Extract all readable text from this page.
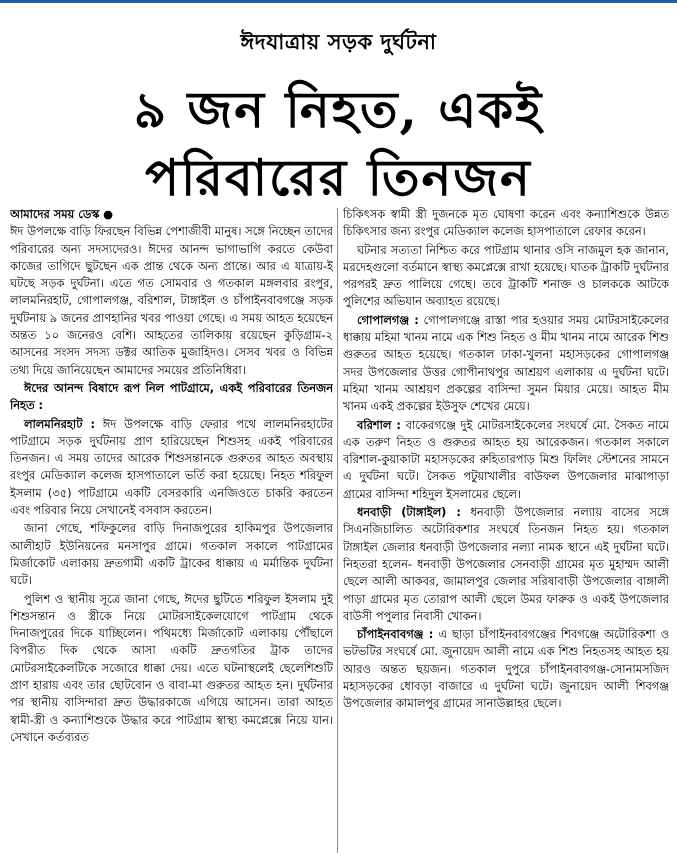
ঈদযাত্রায় সড়ক দুর্ঘটনা
৯ জন নিহত, একই
পরিবারের তিনজন

আমাদের সময় ডেস্ক ●
ঈদ উপলক্ষে বাড়ি ফিরছেন বিভিন্ন পেশাজীবী মানুষ। সঙ্গে নিচ্ছেন তাদের পরিবারের অন্য সদস্যদেরও। ঈদের আনন্দ ভাগাভাগি করতে কেউবা কাজের তাগিদে ছুটছেন এক প্রান্ত থেকে অন্য প্রান্তে। আর এ যাত্রায়-ই ঘটছে সড়ক দুর্ঘটনা। এতে গত সোমবার ও গতকাল মঙ্গলবার রংপুর, লালমনিরহাট, গোপালগঞ্জ, বরিশাল, টাঙ্গাইল ও চাঁপাইনবাবগঞ্জে সড়ক দুর্ঘটনায় ৯ জনের প্রাণহানির খবর পাওয়া গেছে। এ সময় আহত হয়েছেন অন্তত ১০ জনেরও বেশি। আহতের তালিকায় রয়েছেন কুড়িগ্রাম-২ আসনের সংসদ সদস্য ডক্টর আতিক মুজাহিদও। সেসব খবর ও বিভিন্ন তথ্য দিয়ে জানিয়েছেন আমাদের সময়ের প্রতিনিধিরা।

ঈদের আনন্দ বিষাদে রূপ নিল পাটগ্রামে, একই পরিবারের তিনজন নিহত :

লালমনিরহাট : ঈদ উপলক্ষে বাড়ি ফেরার পথে লালমনিরহাটের পাটগ্রামে সড়ক দুর্ঘটনায় প্রাণ হারিয়েছেন শিশুসহ একই পরিবারের তিনজন। এ সময় তাদের আরেক শিশুসন্তানকে গুরুতর আহত অবস্থায় রংপুর মেডিক্যাল কলেজ হাসপাতালে ভর্তি করা হয়েছে। নিহত শরিফুল ইসলাম (৩৫) পাটগ্রামে একটি বেসরকারি এনজিওতে চাকরি করতেন এবং পরিবার নিয়ে সেখানেই বসবাস করতেন।

জানা গেছে, শফিকুলের বাড়ি দিনাজপুরের হাকিমপুর উপজেলার আলীহাট ইউনিয়নের মনসাপুর গ্রামে। গতকাল সকালে পাটগ্রামের মির্জাকোট এলাকায় দ্রুতগামী একটি ট্রাকের ধাক্কায় এ মর্মান্তিক দুর্ঘটনা ঘটে।

পুলিশ ও স্থানীয় সূত্রে জানা গেছে, ঈদের ছুটিতে শরিফুল ইসলাম দুই শিশুসন্তান ও স্ত্রীকে নিয়ে মোটরসাইকেলযোগে পাটগ্রাম থেকে দিনাজপুরের দিকে যাচ্ছিলেন। পথিমধ্যে মির্জাকোট এলাকায় পৌঁছালে বিপরীত দিক থেকে আসা একটি দ্রুতগতির ট্রাক তাদের মোটরসাইকেলটিকে সজোরে ধাক্কা দেয়। এতে ঘটনাস্থলেই ছেলেশিশুটি প্রাণ হারায় এবং তার ছোটবোন ও বাবা-মা গুরুতর আহত হন। দুর্ঘটনার পর স্থানীয় বাসিন্দারা দ্রুত উদ্ধারকাজে এগিয়ে আসেন। তারা আহত স্বামী-স্ত্রী ও কন্যাশিশুকে উদ্ধার করে পাটগ্রাম স্বাস্থ্য কমপ্লেক্সে নিয়ে যান। সেখানে কর্তব্যরত

চিকিৎসক স্বামী স্ত্রী দুজনকে মৃত ঘোষণা করেন এবং কন্যাশিশুকে উন্নত চিকিৎসার জন্য রংপুর মেডিক্যাল কলেজ হাসপাতালে রেফার করেন।

ঘটনার সত্যতা নিশ্চিত করে পাটগ্রাম থানার ওসি নাজমুল হক জানান, মরদেহগুলো বর্তমানে স্বাস্থ্য কমপ্লেক্সে রাখা হয়েছে। ঘাতক ট্রাকটি দুর্ঘটনার পরপরই দ্রুত পালিয়ে গেছে। তবে ট্রাকটি শনাক্ত ও চালককে আটকে পুলিশের অভিযান অব্যাহত রয়েছে।

গোপালগঞ্জ : গোপালগঞ্জে রাস্তা পার হওয়ার সময় মোটরসাইকেলের ধাক্কায় মহিমা খানম নামে এক শিশু নিহত ও মীম খানম নামে আরেক শিশু গুরুতর আহত হয়েছে। গতকাল ঢাকা-খুলনা মহাসড়কের গোপালগঞ্জ সদর উপজেলার উত্তর গোপীনাথপুর আশ্রয়ণ এলাকায় এ দুর্ঘটনা ঘটে। মহিমা খানম আশ্রয়ণ প্রকল্পের বাসিন্দা সুমন মিয়ার মেয়ে। আহত মীম খানম একই প্রকল্পের ইউসুফ শেখের মেয়ে।

বরিশাল : বাকেরগঞ্জে দুই মোটরসাইকেলের সংঘর্ষে মো. সৈকত নামে এক তরুণ নিহত ও গুরুতর আহত হয় আরেকজন। গতকাল সকালে বরিশাল-কুয়াকাটা মহাসড়কের রুহিতারপাড় মিশু ফিলিং স্টেশনের সামনে এ দুর্ঘটনা ঘটে। সৈকত পটুয়াখালীর বাউফল উপজেলার মাঝাপাড়া গ্রামের বাসিন্দা শহিদুল ইসলামের ছেলে।

ধনবাড়ী (টাঙ্গাইল) : ধনবাড়ী উপজেলার নল্যায় বাসের সঙ্গে সিএনজিচালিত অটোরিকশার সংঘর্ষে তিনজন নিহত হয়। গতকাল টাঙ্গাইল জেলার ধনবাড়ী উপজেলার নল্যা নামক স্থানে এই দুর্ঘটনা ঘটে। নিহতরা হলেন- ধনবাড়ী উপজেলার সেনবাড়ী গ্রামের মৃত মুহাম্মদ আলী ছেলে আলী আকবর, জামালপুর জেলার সরিষাবাড়ী উপজেলার বাঙ্গালী পাড়া গ্রামের মৃত তোরাপ আলী ছেলে উমর ফারুক ও একই উপজেলার বাউসী পপুলার নিবাসী খোকন।

চাঁপাইনবাবগঞ্জ : এ ছাড়া চাঁপাইনবাবগঞ্জের শিবগঞ্জে অটোরিকশা ও ভটভটির সংঘর্ষে মো. জুনায়েদ আলী নামে এক শিশু নিহতসহ আহত হয় আরও অন্তত ছয়জন। গতকাল দুপুরে চাঁপাইনবাবগঞ্জ-সোনামসজিদ মহাসড়কের ধোবড়া বাজারে এ দুর্ঘটনা ঘটে। জুনায়েদ আলী শিবগঞ্জ উপজেলার কামালপুর গ্রামের সানাউল্লাহর ছেলে।
